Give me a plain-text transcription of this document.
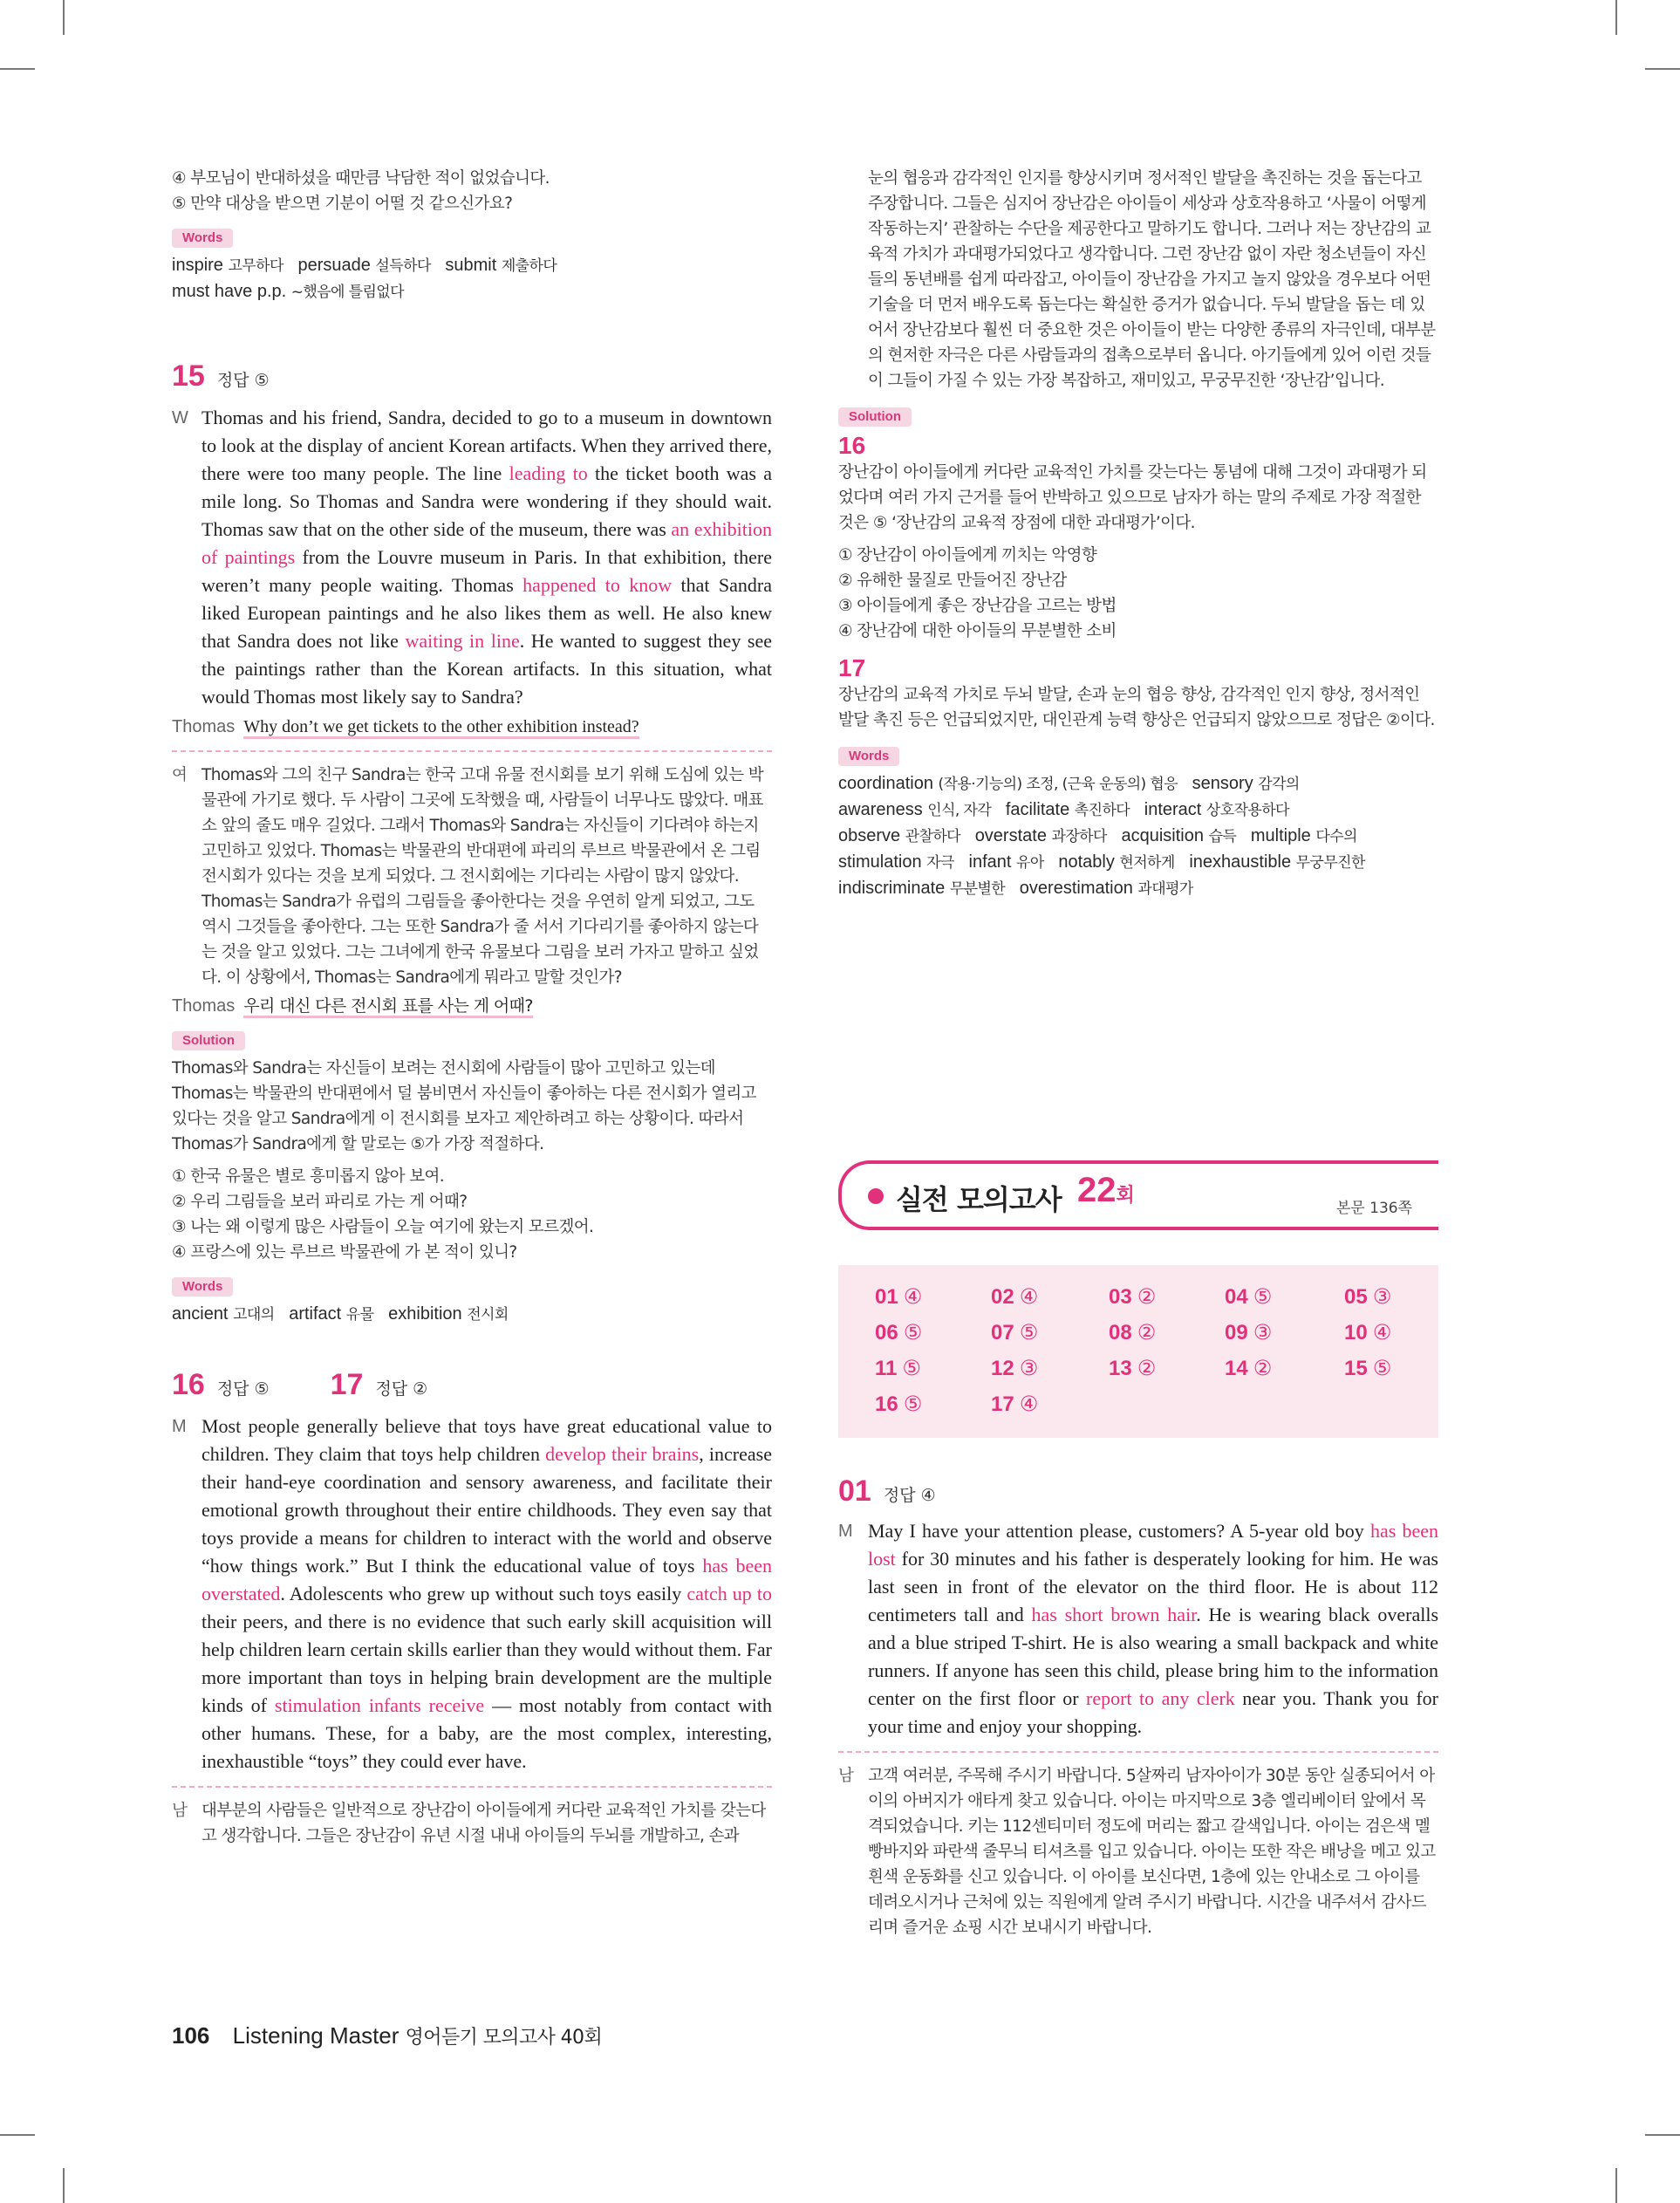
④ 부모님이 반대하셨을 때만큼 낙담한 적이 없었습니다.

⑤ 만약 대상을 받으면 기분이 어떨 것 같으신가요?

Words
inspire 고무하다 persuade 설득하다 submit 제출하다
must have p.p. ~했음에 틀림없다
15 정답 ⑤
W Thomas and his friend, Sandra, decided to go to a museum in downtown to look at the display of ancient Korean artifacts. When they arrived there, there were too many people. The line leading to the ticket booth was a mile long. So Thomas and Sandra were wondering if they should wait. Thomas saw that on the other side of the museum, there was an exhibition of paintings from the Louvre museum in Paris. In that exhibition, there weren’t many people waiting. Thomas happened to know that Sandra liked European paintings and he also likes them as well. He also knew that Sandra does not like waiting in line. He wanted to suggest they see the paintings rather than the Korean artifacts. In this situation, what would Thomas most likely say to Sandra?
Thomas Why don’t we get tickets to the other exhibition instead?
여 Thomas와 그의 친구 Sandra는 한국 고대 유물 전시회를 보기 위해 도심에 있는 박물관에 가기로 했다. 두 사람이 그곳에 도착했을 때, 사람들이 너무나도 많았다. 매표소 앞의 줄도 매우 길었다. 그래서 Thomas와 Sandra는 자신들이 기다려야 하는지 고민하고 있었다. Thomas는 박물관의 반대편에 파리의 루브르 박물관에서 온 그림 전시회가 있다는 것을 보게 되었다. 그 전시회에는 기다리는 사람이 많지 않았다. Thomas는 Sandra가 유럽의 그림들을 좋아한다는 것을 우연히 알게 되었고, 그도 역시 그것들을 좋아한다. 그는 또한 Sandra가 줄 서서 기다리기를 좋아하지 않는다는 것을 알고 있었다. 그는 그녀에게 한국 유물보다 그림을 보러 가자고 말하고 싶었다. 이 상황에서, Thomas는 Sandra에게 뭐라고 말할 것인가?

Thomas 우리 대신 다른 전시회 표를 사는 게 어때?
Solution

Thomas와 Sandra는 자신들이 보려는 전시회에 사람들이 많아 고민하고 있는데 Thomas는 박물관의 반대편에서 덜 붐비면서 자신들이 좋아하는 다른 전시회가 열리고 있다는 것을 알고 Sandra에게 이 전시회를 보자고 제안하려고 하는 상황이다. 따라서 Thomas가 Sandra에게 할 말로는 ⑤가 가장 적절하다.

① 한국 유물은 별로 흥미롭지 않아 보여.
② 우리 그림들을 보러 파리로 가는 게 어때?
③ 나는 왜 이렇게 많은 사람들이 오늘 여기에 왔는지 모르겠어.
④ 프랑스에 있는 루브르 박물관에 가 본 적이 있니?
Words
ancient 고대의 artifact 유물 exhibition 전시회
16 정답 ⑤ 17 정답 ②
M Most people generally believe that toys have great educational value to children. They claim that toys help children develop their brains, increase their hand-eye coordination and sensory awareness, and facilitate their emotional growth throughout their entire childhoods. They even say that toys provide a means for children to interact with the world and observe “how things work.” But I think the educational value of toys has been overstated. Adolescents who grew up without such toys easily catch up to their peers, and there is no evidence that such early skill acquisition will help children learn certain skills earlier than they would without them. Far more important than toys in helping brain development are the multiple kinds of stimulation infants receive — most notably from contact with other humans. These, for a baby, are the most complex, interesting, inexhaustible “toys” they could ever have.
남 대부분의 사람들은 일반적으로 장난감이 아이들에게 커다란 교육적인 가치를 갖는다고 생각합니다. 그들은 장난감이 유년 시절 내내 아이들의 두뇌를 개발하고, 손과

눈의 협응과 감각적인 인지를 향상시키며 정서적인 발달을 촉진하는 것을 돕는다고 주장합니다. 그들은 심지어 장난감은 아이들이 세상과 상호작용하고 ‘사물이 어떻게 작동하는지’ 관찰하는 수단을 제공한다고 말하기도 합니다. 그러나 저는 장난감의 교육적 가치가 과대평가되었다고 생각합니다. 그런 장난감 없이 자란 청소년들이 자신들의 동년배를 쉽게 따라잡고, 아이들이 장난감을 가지고 놀지 않았을 경우보다 어떤 기술을 더 먼저 배우도록 돕는다는 확실한 증거가 없습니다. 두뇌 발달을 돕는 데 있어서 장난감보다 훨씬 더 중요한 것은 아이들이 받는 다양한 종류의 자극인데, 대부분의 현저한 자극은 다른 사람들과의 접촉으로부터 옵니다. 아기들에게 있어 이런 것들이 그들이 가질 수 있는 가장 복잡하고, 재미있고, 무궁무진한 ‘장난감’입니다.

Solution
16

장난감이 아이들에게 커다란 교육적인 가치를 갖는다는 통념에 대해 그것이 과대평가 되었다며 여러 가지 근거를 들어 반박하고 있으므로 남자가 하는 말의 주제로 가장 적절한 것은 ⑤ ‘장난감의 교육적 장점에 대한 과대평가’이다.

① 장난감이 아이들에게 끼치는 악영향
② 유해한 물질로 만들어진 장난감
③ 아이들에게 좋은 장난감을 고르는 방법
④ 장난감에 대한 아이들의 무분별한 소비
17

장난감의 교육적 가치로 두뇌 발달, 손과 눈의 협응 향상, 감각적인 인지 향상, 정서적인 발달 촉진 등은 언급되었지만, 대인관계 능력 향상은 언급되지 않았으므로 정답은 ②이다.

Words
coordination (작용·기능의) 조정, (근육 운동의) 협응 sensory 감각의
awareness 인식, 자각 facilitate 촉진하다 interact 상호작용하다
observe 관찰하다 overstate 과장하다 acquisition 습득 multiple 다수의
stimulation 자극 infant 유아 notably 현저하게 inexhaustible 무궁무진한
indiscriminate 무분별한 overestimation 과대평가
실전 모의고사 22회
본문 136쪽
01 ④	02 ④	03 ②	04 ⑤	05 ③
06 ⑤	07 ⑤	08 ②	09 ③	10 ④
11 ⑤	12 ③	13 ②	14 ②	15 ⑤
16 ⑤	17 ④
01 정답 ④
M May I have your attention please, customers? A 5-year old boy has been lost for 30 minutes and his father is desperately looking for him. He was last seen in front of the elevator on the third floor. He is about 112 centimeters tall and has short brown hair. He is wearing black overalls and a blue striped T-shirt. He is also wearing a small backpack and white runners. If anyone has seen this child, please bring him to the information center on the first floor or report to any clerk near you. Thank you for your time and enjoy your shopping.
남 고객 여러분, 주목해 주시기 바랍니다. 5살짜리 남자아이가 30분 동안 실종되어서 아이의 아버지가 애타게 찾고 있습니다. 아이는 마지막으로 3층 엘리베이터 앞에서 목격되었습니다. 키는 112센티미터 정도에 머리는 짧고 갈색입니다. 아이는 검은색 멜빵바지와 파란색 줄무늬 티셔츠를 입고 있습니다. 아이는 또한 작은 배낭을 메고 있고 흰색 운동화를 신고 있습니다. 이 아이를 보신다면, 1층에 있는 안내소로 그 아이를 데려오시거나 근처에 있는 직원에게 알려 주시기 바랍니다. 시간을 내주셔서 감사드리며 즐거운 쇼핑 시간 보내시기 바랍니다.

106 Listening Master 영어듣기 모의고사 40회
